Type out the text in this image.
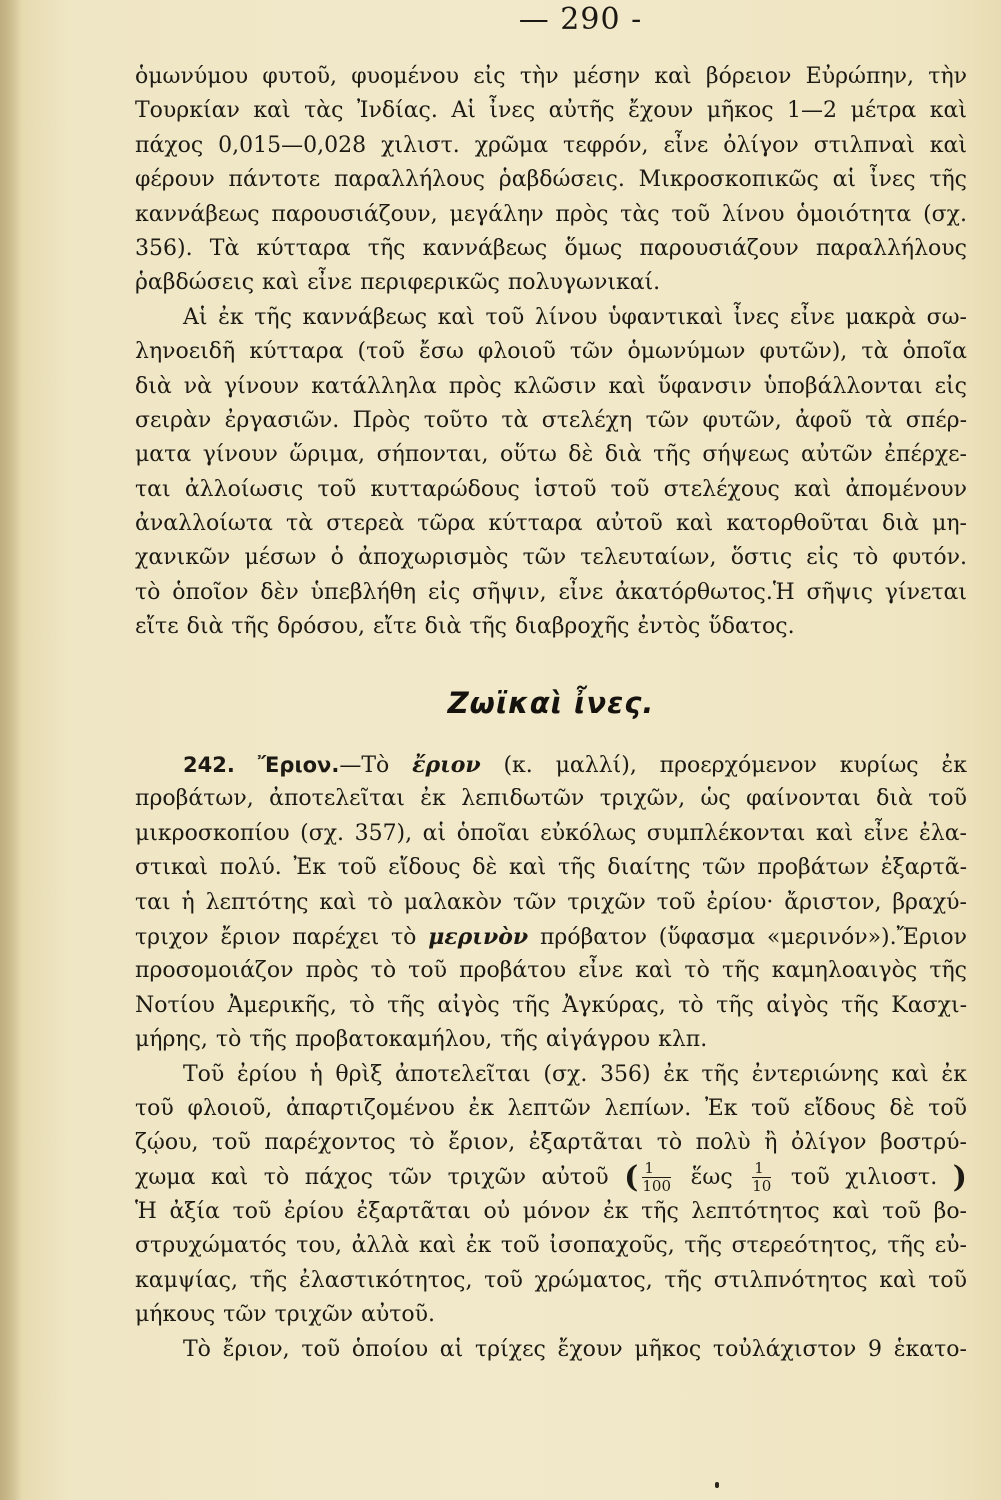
— 290 -
ὁμωνύμου φυτοῦ, φυομένου εἰς τὴν μέσην καὶ βόρειον Εὐρώπην, τὴν
Τουρκίαν καὶ τὰς Ἰνδίας. Αἱ ἶνες αὐτῆς ἔχουν μῆκος 1—2 μέτρα καὶ
πάχος 0,015—0,028 χιλιστ. χρῶμα τεφρόν, εἶνε ὀλίγον στιλπναὶ καὶ
φέρουν πάντοτε παραλλήλους ῥαβδώσεις. Μικροσκοπικῶς αἱ ἶνες τῆς
καννάβεως παρουσιάζουν, μεγάλην πρὸς τὰς τοῦ λίνου ὁμοιότητα (σχ.
356). Τὰ κύτταρα τῆς καννάβεως ὅμως παρουσιάζουν παραλλήλους
ῥαβδώσεις καὶ εἶνε περιφερικῶς πολυγωνικαί.
Αἱ ἐκ τῆς καννάβεως καὶ τοῦ λίνου ὑφαντικαὶ ἶνες εἶνε μακρὰ σω-
ληνοειδῆ κύτταρα (τοῦ ἔσω φλοιοῦ τῶν ὁμωνύμων φυτῶν), τὰ ὁποῖα
διὰ νὰ γίνουν κατάλληλα πρὸς κλῶσιν καὶ ὕφανσιν ὑποβάλλονται εἰς
σειρὰν ἐργασιῶν. Πρὸς τοῦτο τὰ στελέχη τῶν φυτῶν, ἀφοῦ τὰ σπέρ-
ματα γίνουν ὥριμα, σήπονται, οὕτω δὲ διὰ τῆς σήψεως αὐτῶν ἐπέρχε-
ται ἀλλοίωσις τοῦ κυτταρώδους ἱστοῦ τοῦ στελέχους καὶ ἀπομένουν
ἀναλλοίωτα τὰ στερεὰ τῶρα κύτταρα αὐτοῦ καὶ κατορθοῦται διὰ μη-
χανικῶν μέσων ὁ ἀποχωρισμὸς τῶν τελευταίων, ὅστις εἰς τὸ φυτόν.
τὸ ὁποῖον δὲν ὑπεβλήθη εἰς σῆψιν, εἶνε ἀκατόρθωτος.Ἡ σῆψις γίνεται
εἴτε διὰ τῆς δρόσου, εἴτε διὰ τῆς διαβροχῆς ἐντὸς ὕδατος.
Ζωϊκαὶ ἶνες.
242. Ἔριον.—Τὸ ἔριον (κ. μαλλί), προερχόμενον κυρίως ἐκ
προβάτων, ἀποτελεῖται ἐκ λεπιδωτῶν τριχῶν, ὡς φαίνονται διὰ τοῦ
μικροσκοπίου (σχ. 357), αἱ ὁποῖαι εὐκόλως συμπλέκονται καὶ εἶνε ἐλα-
στικαὶ πολύ. Ἐκ τοῦ εἴδους δὲ καὶ τῆς διαίτης τῶν προβάτων ἐξαρτᾶ-
ται ἡ λεπτότης καὶ τὸ μαλακὸν τῶν τριχῶν τοῦ ἐρίου· ἄριστον, βραχύ-
τριχον ἔριον παρέχει τὸ μερινὸν πρόβατον (ὕφασμα «μερινόν»).Ἔριον
προσομοιάζον πρὸς τὸ τοῦ προβάτου εἶνε καὶ τὸ τῆς καμηλοαιγὸς τῆς
Νοτίου Ἀμερικῆς, τὸ τῆς αἰγὸς τῆς Ἀγκύρας, τὸ τῆς αἰγὸς τῆς Κασχι-
μήρης, τὸ τῆς προβατοκαμήλου, τῆς αἰγάγρου κλπ.
Τοῦ ἐρίου ἡ θρὶξ ἀποτελεῖται (σχ. 356) ἐκ τῆς ἐντεριώνης καὶ ἐκ
τοῦ φλοιοῦ, ἀπαρτιζομένου ἐκ λεπτῶν λεπίων. Ἐκ τοῦ εἴδους δὲ τοῦ
ζῴου, τοῦ παρέχοντος τὸ ἔριον, ἐξαρτᾶται τὸ πολὺ ἢ ὀλίγον βοστρύ-
χωμα καὶ τὸ πάχος τῶν τριχῶν αὐτοῦ ( $\frac{1}{100}$ ἕως $\frac{1}{10}$ τοῦ χιλιοστ. )
Ἡ ἀξία τοῦ ἐρίου ἐξαρτᾶται οὐ μόνον ἐκ τῆς λεπτότητος καὶ τοῦ βο-
στρυχώματός του, ἀλλὰ καὶ ἐκ τοῦ ἰσοπαχοῦς, τῆς στερεότητος, τῆς εὐ-
καμψίας, τῆς ἐλαστικότητος, τοῦ χρώματος, τῆς στιλπνότητος καὶ τοῦ
μήκους τῶν τριχῶν αὐτοῦ.
Τὸ ἔριον, τοῦ ὁποίου αἱ τρίχες ἔχουν μῆκος τοὐλάχιστον 9 ἑκατο-
